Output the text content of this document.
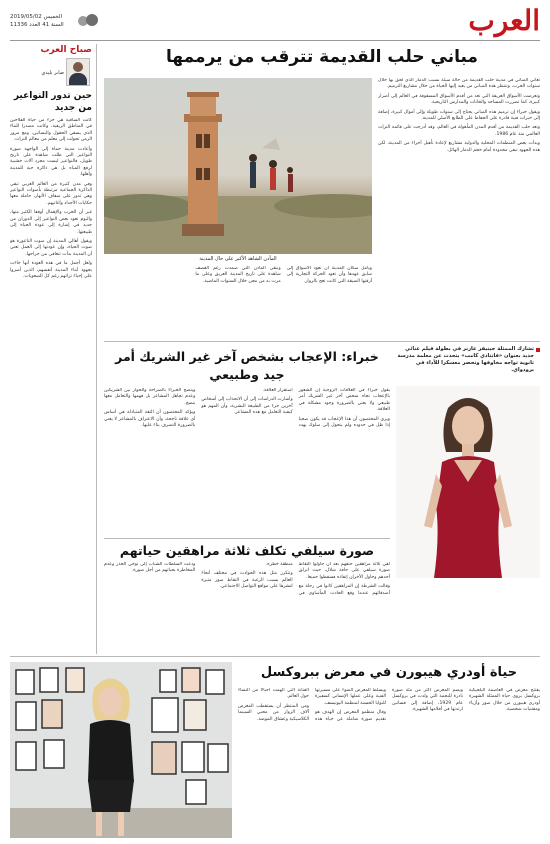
العرب
الخميس 2019/05/02
السنة 41 العدد 11336
صباح العرب
صابر بليدي
حين تدور النواعير من جديد

كانت الساقية هي جزء من حياة الفلاحين في المناطق الريفية، وكانت مصدرا للماء الذي يسقي الحقول والبساتين، ومع مرور الزمن تحولت إلى معلم من معالم التراث.

وأعادت مدينة حماة إلى الواجهة صورة النواعير التي ظلت شاهدة على تاريخ طويل، فالنواعير ليست مجرد آلات خشبية لرفع المياه بل هي ذاكرة حية للمدينة وأهلها.

وفي مدن كثيرة من العالم العربي تبقى الذاكرة الجماعية مرتبطة بأصوات النواعير وهي تدور على ضفاف الأنهار، حاملة معها حكايات الأجداد وأغانيهم.

غير أن الحرب والإهمال أوقفا الكثير منها، واليوم تعود بعض النواعير إلى الدوران من جديد في إشارة إلى عودة الحياة إلى طبيعتها.

ويقول أهالي المدينة إن صوت الناعورة هو صوت الحياة، وإن عودتها إلى العمل تعني أن المدينة بدأت تتعافى من جراحها.

ولعل أجمل ما في هذه العودة أنها جاءت بجهود أبناء المدينة أنفسهم، الذين أصروا على إحياء تراثهم رغم كل الصعوبات.

مباني حلب القديمة تترقب من يرممها

تعاني المباني في مدينة حلب القديمة من حالة سيئة بسبب الدمار الذي لحق بها خلال سنوات الحرب، وتنتظر هذه المباني من يعيد إليها الحياة من خلال مشاريع الترميم.

وتعرضت الأسواق العريقة التي تعد من أقدم الأسواق المسقوفة في العالم إلى أضرار كبيرة، كما تضررت المساجد والخانات والمدارس التاريخية.

ويقول خبراء إن ترميم هذه المباني يحتاج إلى سنوات طويلة وإلى أموال كبيرة، إضافة إلى خبرات فنية قادرة على الحفاظ على الطابع الأصلي للمدينة.

وتعد حلب القديمة من أقدم المدن المأهولة في العالم، وقد أدرجت على قائمة التراث العالمي منذ عام 1986.

وبدأت بعض المنظمات المحلية والدولية مشاريع لإعادة تأهيل أجزاء من المدينة، لكن هذه الجهود تبقى محدودة أمام حجم الدمار الهائل.

المآذن الشاهد الأكبر على حال المدينة

ويأمل سكان المدينة أن تعود الأسواق إلى سابق عهدها وأن تعود الحركة التجارية إلى أزقتها الضيقة التي كانت تعج بالزوار.

وتبقى المآذن التي صمدت رغم القصف شاهدة على تاريخ المدينة العريق وعلى ما مرت به من محن خلال السنوات الماضية.

تشارك الممثلة جينيفر غارنر في بطولة فيلم غنائي جديد بعنوان «فانتاذي كامب» يتحدث عن معلمة مدرسة ثانوية تواجه مخاوفها وتحضر معسكرا للأداء في برودواي.
خبراء: الإعجاب بشخص آخر غير الشريك أمر جيد وطبيعي

يقول خبراء في العلاقات الزوجية إن الشعور بالإعجاب تجاه شخص آخر غير الشريك أمر طبيعي ولا يعني بالضرورة وجود مشكلة في العلاقة.

ويرى المختصون أن هذا الإعجاب قد يكون صحيا إذا ظل في حدوده ولم يتحول إلى سلوك يهدد استقرار العلاقة.

وأشارت الدراسات إلى أن الانجذاب إلى أشخاص آخرين جزء من الطبيعة البشرية، وأن المهم هو كيفية التعامل مع هذه المشاعر.

وينصح الخبراء بالصراحة والحوار بين الشريكين وعدم تجاهل المشاعر بل فهمها والتعامل معها بنضج.

ويؤكد المختصون أن الثقة المتبادلة هي أساس أي علاقة ناجحة، وأن الاعتراف بالمشاعر لا يعني بالضرورة التصرف بناء عليها.

صورة سيلفي تكلف ثلاثة مراهقين حياتهم

لقي ثلاثة مراهقين حتفهم بعد أن حاولوا التقاط صورة سيلفي على حافة شلال، حيث انزلق أحدهم وحاول الآخران إنقاذه فسقطوا جميعا.

وقالت الشرطة إن المراهقين كانوا في رحلة مع أصدقائهم عندما وقع الحادث المأساوي في منطقة خطرة.

وتتكرر مثل هذه الحوادث في مختلف أنحاء العالم بسبب الرغبة في التقاط صور مثيرة لنشرها على مواقع التواصل الاجتماعي.

ودعت السلطات الشباب إلى توخي الحذر وعدم المخاطرة بحياتهم من أجل صورة.

حياة أودري هيبورن في معرض ببروكسل

يفتتح معرض في العاصمة البلجيكية بروكسل يروي حياة الممثلة الشهيرة أودري هيبورن من خلال صور وأزياء ومقتنيات شخصية.

ويضم المعرض أكثر من مئة صورة نادرة للنجمة التي ولدت في بروكسل عام 1929، إضافة إلى فساتين ارتدتها في أفلامها الشهيرة.

ويسلط المعرض الضوء على مسيرتها الفنية وعلى عملها الإنساني كسفيرة للنوايا الحسنة لمنظمة اليونيسف.

وقال منظمو المعرض إن الهدف هو تقديم صورة شاملة عن حياة هذه الفنانة التي ألهمت أجيالا من النساء حول العالم.

ومن المنتظر أن يستقطب المعرض آلاف الزوار من محبي السينما الكلاسيكية وعشاق الموضة.
